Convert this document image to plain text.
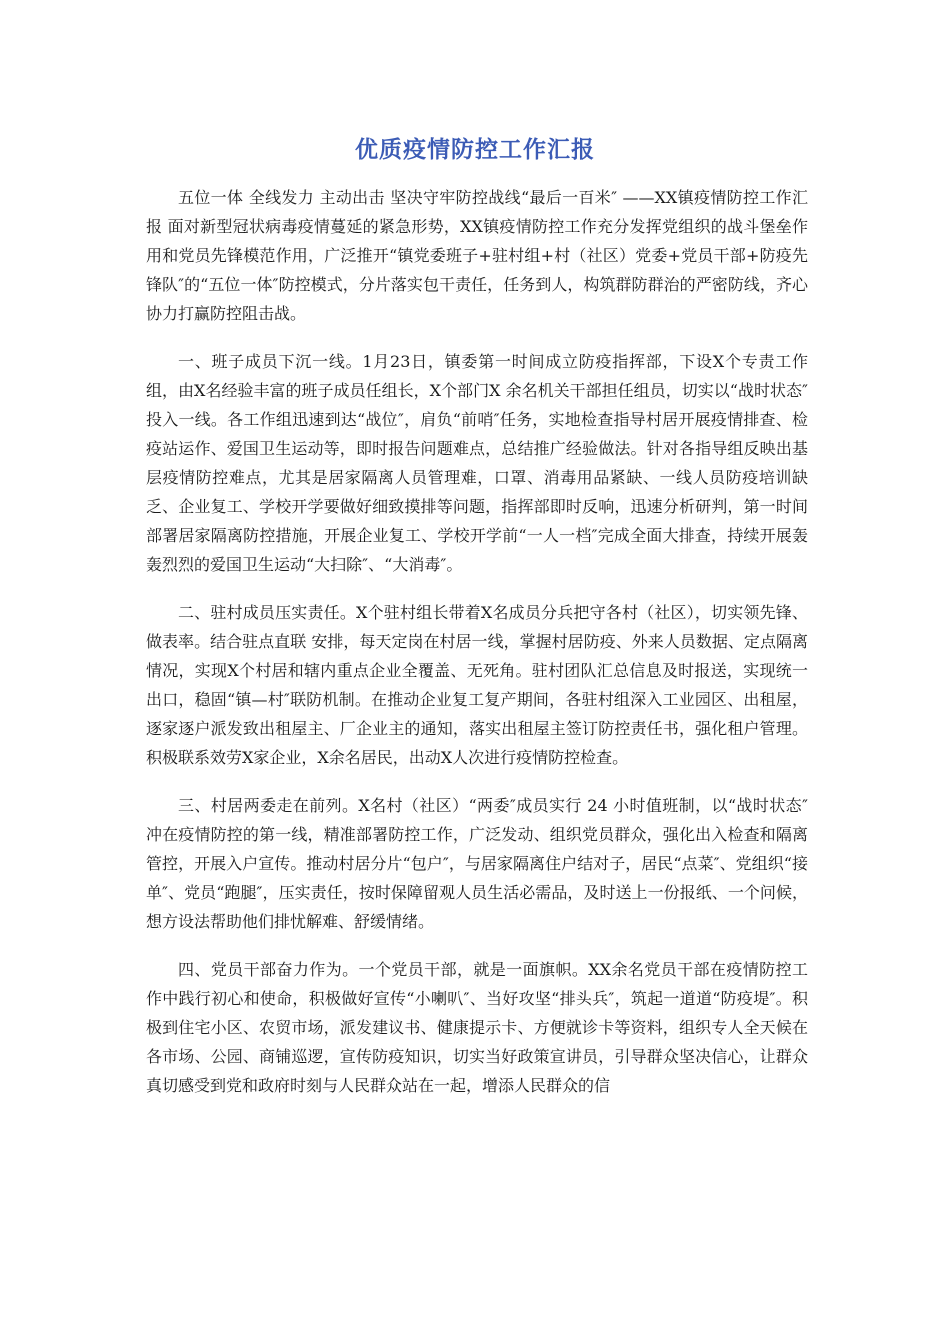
优质疫情防控工作汇报

五位一体 全线发力 主动出击 坚决守牢防控战线“最后一百米″ ——XX镇疫情防控工作汇报 面对新型冠状病毒疫情蔓延的紧急形势，XX镇疫情防控工作充分发挥党组织的战斗堡垒作用和党员先锋模范作用，广泛推开“镇党委班子+驻村组+村（社区）党委+党员干部+防疫先锋队″的“五位一体″防控模式，分片落实包干责任，任务到人，构筑群防群治的严密防线，齐心协力打赢防控阻击战。

一、班子成员下沉一线。1月23日，镇委第一时间成立防疫指挥部，下设X个专责工作组，由X名经验丰富的班子成员任组长，X个部门X 余名机关干部担任组员，切实以“战时状态″投入一线。各工作组迅速到达“战位″，肩负“前哨″任务，实地检查指导村居开展疫情排查、检疫站运作、爱国卫生运动等，即时报告问题难点，总结推广经验做法。针对各指导组反映出基层疫情防控难点，尤其是居家隔离人员管理难，口罩、消毒用品紧缺、一线人员防疫培训缺乏、企业复工、学校开学要做好细致摸排等问题，指挥部即时反响，迅速分析研判，第一时间部署居家隔离防控措施，开展企业复工、学校开学前“一人一档″完成全面大排查，持续开展轰轰烈烈的爱国卫生运动“大扫除″、“大消毒″。

二、驻村成员压实责任。X个驻村组长带着X名成员分兵把守各村（社区），切实领先锋、做表率。结合驻点直联 安排，每天定岗在村居一线，掌握村居防疫、外来人员数据、定点隔离情况，实现X个村居和辖内重点企业全覆盖、无死角。驻村团队汇总信息及时报送，实现统一出口，稳固“镇—村″联防机制。在推动企业复工复产期间，各驻村组深入工业园区、出租屋，逐家逐户派发致出租屋主、厂企业主的通知，落实出租屋主签订防控责任书，强化租户管理。积极联系效劳X家企业，X余名居民，出动X人次进行疫情防控检查。

三、村居两委走在前列。X名村（社区）“两委″成员实行 24 小时值班制，以“战时状态″冲在疫情防控的第一线，精准部署防控工作，广泛发动、组织党员群众，强化出入检查和隔离管控，开展入户宣传。推动村居分片“包户″，与居家隔离住户结对子，居民“点菜″、党组织“接单″、党员“跑腿″，压实责任，按时保障留观人员生活必需品，及时送上一份报纸、一个问候，想方设法帮助他们排忧解难、舒缓情绪。

四、党员干部奋力作为。一个党员干部，就是一面旗帜。XX余名党员干部在疫情防控工作中践行初心和使命，积极做好宣传“小喇叭″、当好攻坚“排头兵″，筑起一道道“防疫堤″。积极到住宅小区、农贸市场，派发建议书、健康提示卡、方便就诊卡等资料，组织专人全天候在各市场、公园、商铺巡逻，宣传防疫知识，切实当好政策宣讲员，引导群众坚决信心，让群众真切感受到党和政府时刻与人民群众站在一起，增添人民群众的信
